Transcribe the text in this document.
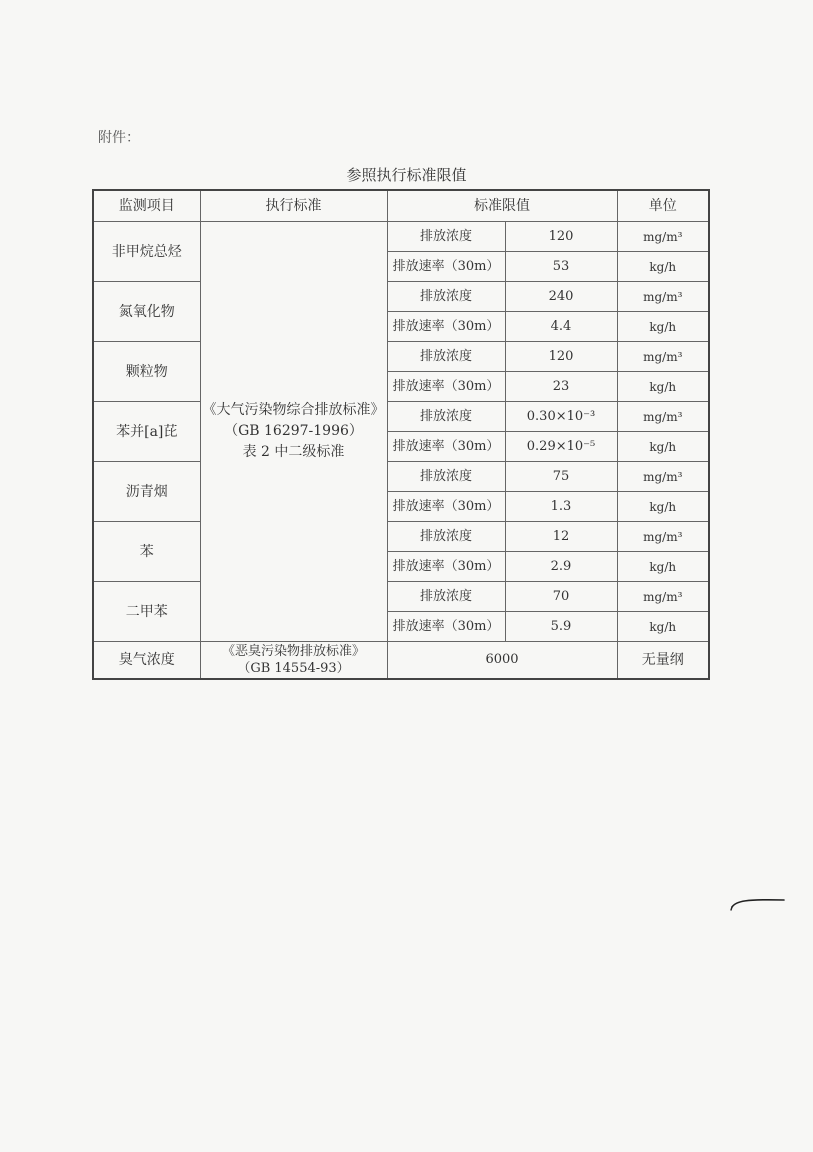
附件：
参照执行标准限值
监测项目	执行标准	标准限值		单位
非甲烷总烃	《大气污染物综合排放标准》
（GB 16297-1996）
表 2 中二级标准	排放浓度	120	mg/m³
		排放速率（30m）	53	kg/h
氮氧化物		排放浓度	240	mg/m³
		排放速率（30m）	4.4	kg/h
颗粒物		排放浓度	120	mg/m³
		排放速率（30m）	23	kg/h
苯并[a]芘		排放浓度	0.30×10⁻³	mg/m³
		排放速率（30m）	0.29×10⁻⁵	kg/h
沥青烟		排放浓度	75	mg/m³
		排放速率（30m）	1.3	kg/h
苯		排放浓度	12	mg/m³
		排放速率（30m）	2.9	kg/h
二甲苯		排放浓度	70	mg/m³
		排放速率（30m）	5.9	kg/h
臭气浓度	《恶臭污染物排放标准》
（GB 14554-93）	6000		无量纲
